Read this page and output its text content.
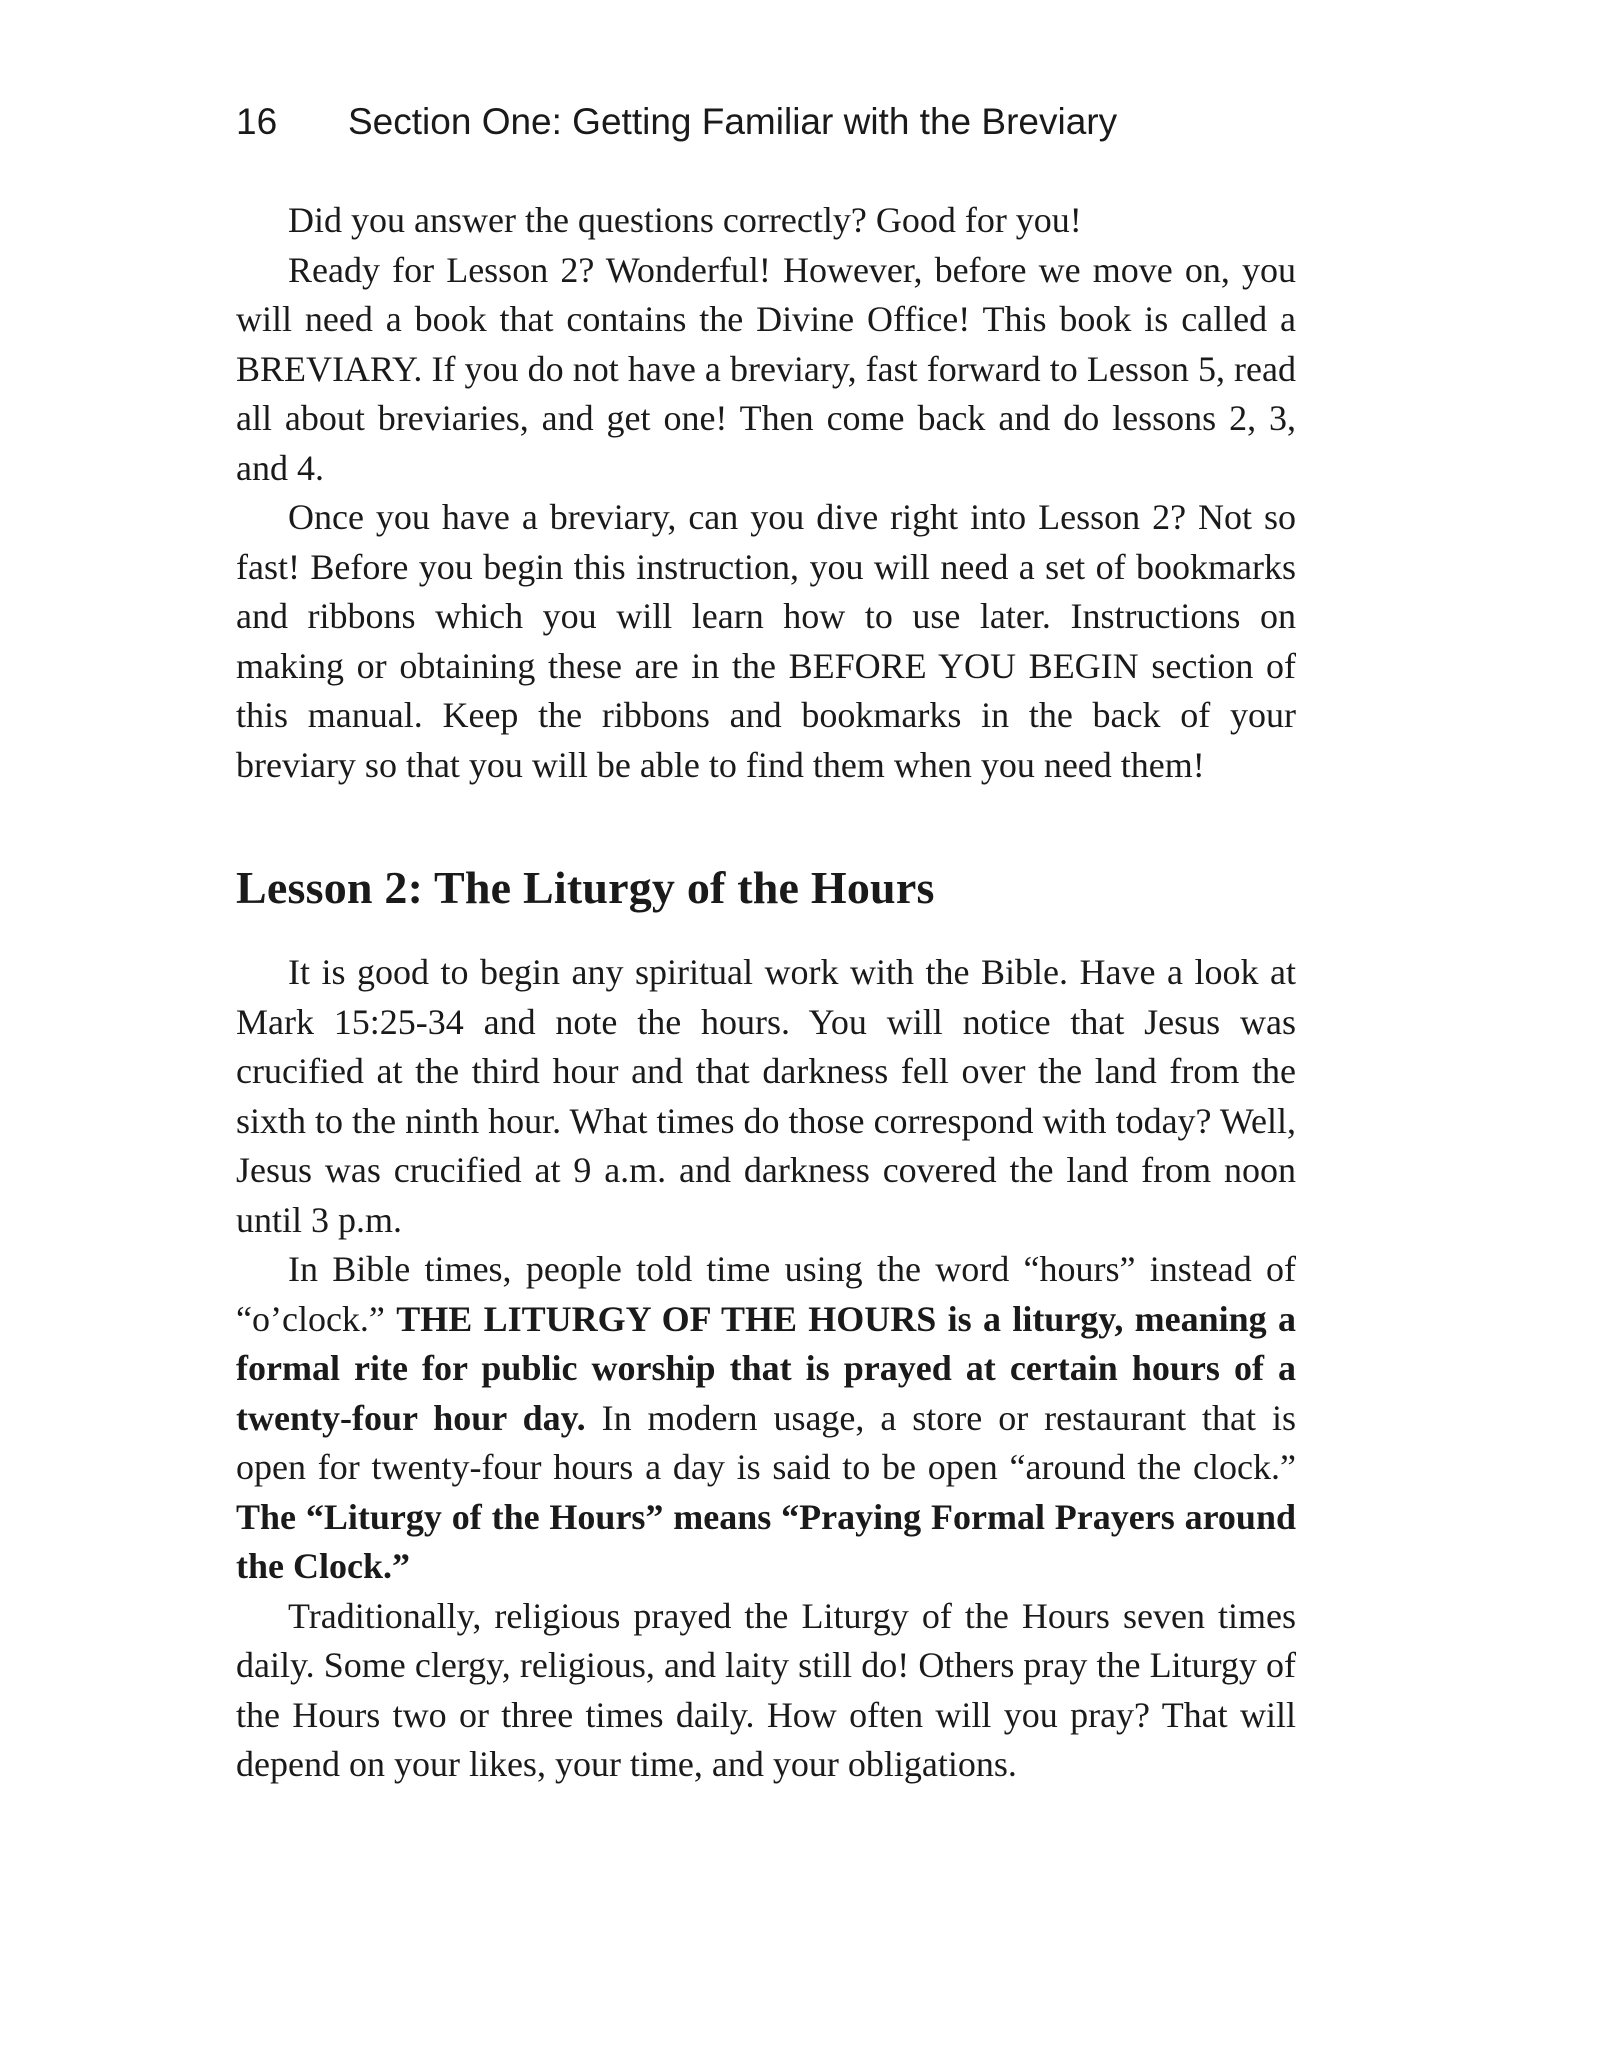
16 Section One: Getting Familiar with the Breviary

Did you answer the questions correctly? Good for you!

Ready for Lesson 2? Wonderful! However, before we move on, you will need a book that contains the Divine Office! This book is called a BREVIARY. If you do not have a breviary, fast forward to Lesson 5, read all about breviaries, and get one! Then come back and do lessons 2, 3, and 4.

Once you have a breviary, can you dive right into Lesson 2? Not so fast! Before you begin this instruction, you will need a set of bookmarks and ribbons which you will learn how to use later. Instructions on making or obtaining these are in the BEFORE YOU BEGIN section of this manual. Keep the ribbons and bookmarks in the back of your breviary so that you will be able to find them when you need them!

Lesson 2: The Liturgy of the Hours

It is good to begin any spiritual work with the Bible. Have a look at Mark 15:25-34 and note the hours. You will notice that Jesus was crucified at the third hour and that darkness fell over the land from the sixth to the ninth hour. What times do those correspond with today? Well, Jesus was crucified at 9 a.m. and darkness covered the land from noon until 3 p.m.

In Bible times, people told time using the word “hours” instead of “o’clock.” THE LITURGY OF THE HOURS is a liturgy, meaning a formal rite for public worship that is prayed at certain hours of a twenty-four hour day. In modern usage, a store or restaurant that is open for twenty-four hours a day is said to be open “around the clock.” The “Liturgy of the Hours” means “Praying Formal Prayers around the Clock.”

Traditionally, religious prayed the Liturgy of the Hours seven times daily. Some clergy, religious, and laity still do! Others pray the Liturgy of the Hours two or three times daily. How often will you pray? That will depend on your likes, your time, and your obligations.
